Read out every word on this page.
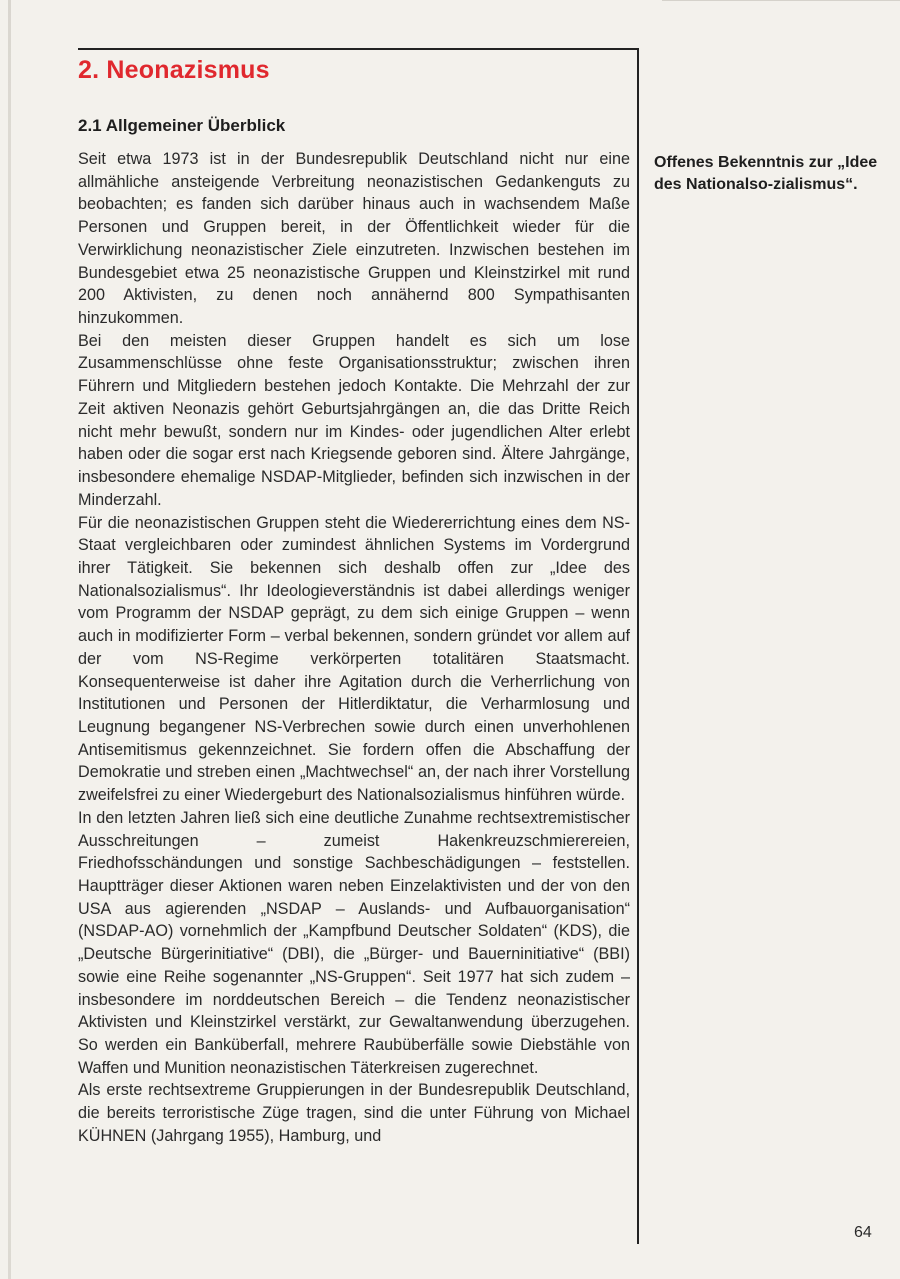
2. Neonazismus
2.1 Allgemeiner Überblick

Seit etwa 1973 ist in der Bundesrepublik Deutschland nicht nur eine allmähliche ansteigende Verbreitung neonazistischen Gedankenguts zu beobachten; es fanden sich darüber hinaus auch in wachsendem Maße Personen und Gruppen bereit, in der Öffentlichkeit wieder für die Verwirklichung neonazistischer Ziele einzutreten. Inzwischen bestehen im Bundesgebiet etwa 25 neonazistische Gruppen und Kleinstzirkel mit rund 200 Aktivisten, zu denen noch annähernd 800 Sympathisanten hinzukommen.

Bei den meisten dieser Gruppen handelt es sich um lose Zusammenschlüsse ohne feste Organisationsstruktur; zwischen ihren Führern und Mitgliedern bestehen jedoch Kontakte. Die Mehrzahl der zur Zeit aktiven Neonazis gehört Geburtsjahrgängen an, die das Dritte Reich nicht mehr bewußt, sondern nur im Kindes- oder jugendlichen Alter erlebt haben oder die sogar erst nach Kriegsende geboren sind. Ältere Jahrgänge, insbesondere ehemalige NSDAP-Mitglieder, befinden sich inzwischen in der Minderzahl.

Für die neonazistischen Gruppen steht die Wiedererrichtung eines dem NS-Staat vergleichbaren oder zumindest ähnlichen Systems im Vordergrund ihrer Tätigkeit. Sie bekennen sich deshalb offen zur „Idee des Nationalsozialismus“. Ihr Ideologieverständnis ist dabei allerdings weniger vom Programm der NSDAP geprägt, zu dem sich einige Gruppen – wenn auch in modifizierter Form – verbal bekennen, sondern gründet vor allem auf der vom NS-Regime verkörperten totalitären Staatsmacht. Konsequenterweise ist daher ihre Agitation durch die Verherrlichung von Institutionen und Personen der Hitlerdiktatur, die Verharmlosung und Leugnung begangener NS-Verbrechen sowie durch einen unverhohlenen Antisemitismus gekennzeichnet. Sie fordern offen die Abschaffung der Demokratie und streben einen „Machtwechsel“ an, der nach ihrer Vorstellung zweifelsfrei zu einer Wiedergeburt des Nationalsozialismus hinführen würde.

In den letzten Jahren ließ sich eine deutliche Zunahme rechtsextremistischer Ausschreitungen – zumeist Hakenkreuzschmierereien, Friedhofsschändungen und sonstige Sachbeschädigungen – feststellen. Hauptträger dieser Aktionen waren neben Einzelaktivisten und der von den USA aus agierenden „NSDAP – Auslands- und Aufbauorganisation“ (NSDAP-AO) vornehmlich der „Kampfbund Deutscher Soldaten“ (KDS), die „Deutsche Bürgerinitiative“ (DBI), die „Bürger- und Bauerninitiative“ (BBI) sowie eine Reihe sogenannter „NS-Gruppen“. Seit 1977 hat sich zudem – insbesondere im norddeutschen Bereich – die Tendenz neonazistischer Aktivisten und Kleinstzirkel verstärkt, zur Gewaltanwendung überzugehen. So werden ein Banküberfall, mehrere Raubüberfälle sowie Diebstähle von Waffen und Munition neonazistischen Täterkreisen zugerechnet.

Als erste rechtsextreme Gruppierungen in der Bundesrepublik Deutschland, die bereits terroristische Züge tragen, sind die unter Führung von Michael KÜHNEN (Jahrgang 1955), Hamburg, und

Offenes Bekenntnis zur „Idee des Nationalso-zialismus“.

64
